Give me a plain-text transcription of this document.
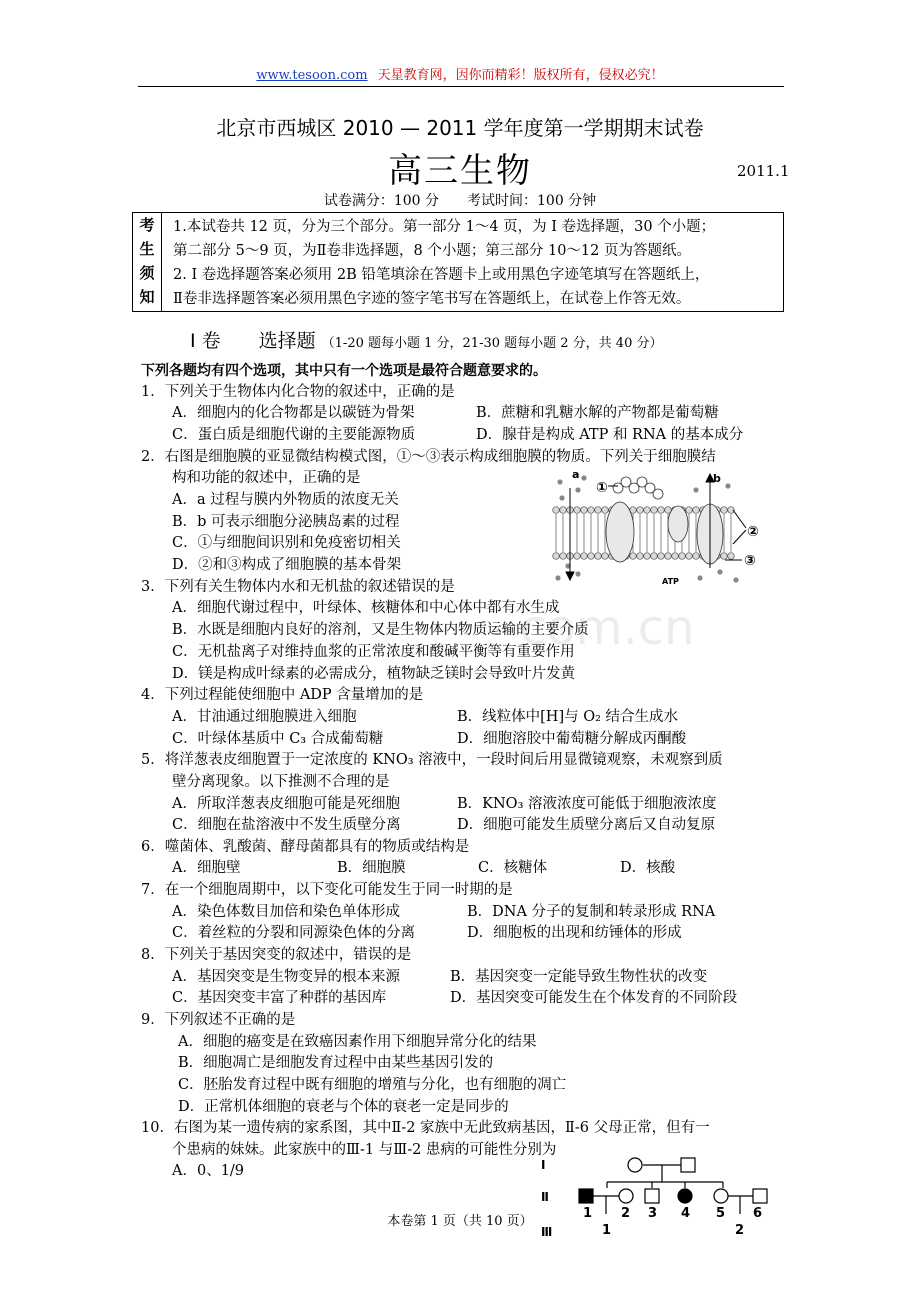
www.tesoon.com 天星教育网，因你而精彩！版权所有，侵权必究！
北京市西城区 2010 — 2011 学年度第一学期期末试卷
高三生物	2011.1
试卷满分：100 分　　考试时间：100 分钟
考
生
须
知
1.本试卷共 12 页，分为三个部分。第一部分 1～4 页，为 I 卷选择题，30 个小题；
第二部分 5～9 页，为Ⅱ卷非选择题，8 个小题；第三部分 10～12 页为答题纸。
2. I 卷选择题答案必须用 2B 铅笔填涂在答题卡上或用黑色字迹笔填写在答题纸上，
Ⅱ卷非选择题答案必须用黑色字迹的签字笔书写在答题纸上，在试卷上作答无效。
I 卷　　选择题 （1-20 题每小题 1 分，21-30 题每小题 2 分，共 40 分）
下列各题均有四个选项，其中只有一个选项是最符合题意要求的。
com.cn
1．下列关于生物体内化合物的叙述中，正确的是
A．细胞内的化合物都是以碳链为骨架	B．蔗糖和乳糖水解的产物都是葡萄糖
C．蛋白质是细胞代谢的主要能源物质	D．腺苷是构成 ATP 和 RNA 的基本成分
2．右图是细胞膜的亚显微结构模式图，①～③表示构成细胞膜的物质。下列关于细胞膜结
构和功能的叙述中，正确的是
A．a 过程与膜内外物质的浓度无关
B．b 可表示细胞分泌胰岛素的过程
C．①与细胞间识别和免疫密切相关
D．②和③构成了细胞膜的基本骨架
a	b
①
②
③
ATP
3．下列有关生物体内水和无机盐的叙述错误的是
A．细胞代谢过程中，叶绿体、核糖体和中心体中都有水生成
B．水既是细胞内良好的溶剂，又是生物体内物质运输的主要介质
C．无机盐离子对维持血浆的正常浓度和酸碱平衡等有重要作用
D．镁是构成叶绿素的必需成分，植物缺乏镁时会导致叶片发黄
4．下列过程能使细胞中 ADP 含量增加的是
A．甘油通过细胞膜进入细胞	B．线粒体中[H]与 O₂ 结合生成水
C．叶绿体基质中 C₃ 合成葡萄糖	D．细胞溶胶中葡萄糖分解成丙酮酸
5．将洋葱表皮细胞置于一定浓度的 KNO₃ 溶液中，一段时间后用显微镜观察，未观察到质
壁分离现象。以下推测不合理的是
A．所取洋葱表皮细胞可能是死细胞	B．KNO₃ 溶液浓度可能低于细胞液浓度
C．细胞在盐溶液中不发生质壁分离	D．细胞可能发生质壁分离后又自动复原
6．噬菌体、乳酸菌、酵母菌都具有的物质或结构是
A．细胞壁	B．细胞膜	C．核糖体	D．核酸
7．在一个细胞周期中，以下变化可能发生于同一时期的是
A．染色体数目加倍和染色单体形成	B．DNA 分子的复制和转录形成 RNA
C．着丝粒的分裂和同源染色体的分离	D．细胞板的出现和纺锤体的形成
8．下列关于基因突变的叙述中，错误的是
A．基因突变是生物变异的根本来源	B．基因突变一定能导致生物性状的改变
C．基因突变丰富了种群的基因库	D．基因突变可能发生在个体发育的不同阶段
9．下列叙述不正确的是
A．细胞的癌变是在致癌因素作用下细胞异常分化的结果
B．细胞凋亡是细胞发育过程中由某些基因引发的
C．胚胎发育过程中既有细胞的增殖与分化，也有细胞的凋亡
D．正常机体细胞的衰老与个体的衰老一定是同步的
10．右图为某一遗传病的家系图，其中Ⅱ-2 家族中无此致病基因，Ⅱ-6 父母正常，但有一
个患病的妹妹。此家族中的Ⅲ-1 与Ⅲ-2 患病的可能性分别为
A．0、1/9	I
Ⅱ
Ⅲ
1 2 3 4 5 6
1	2
本卷第 1 页（共 10 页）
